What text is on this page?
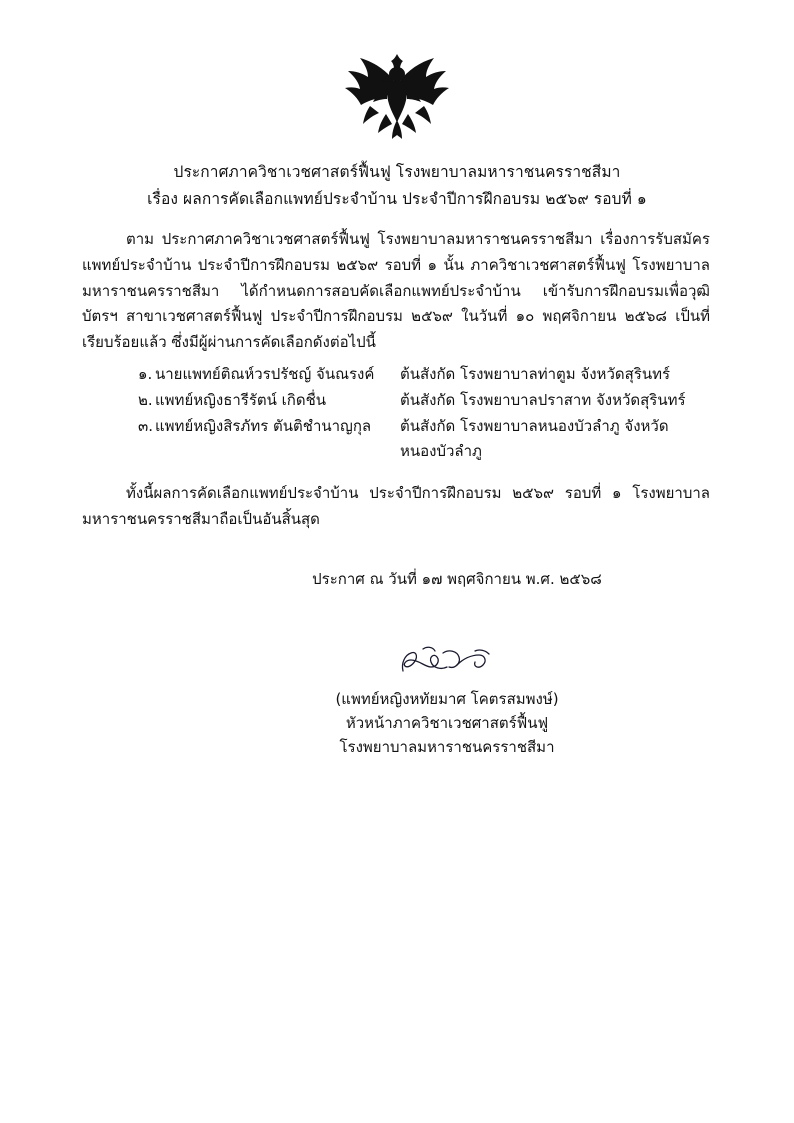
ประกาศภาควิชาเวชศาสตร์ฟื้นฟู โรงพยาบาลมหาราชนครราชสีมา
เรื่อง ผลการคัดเลือกแพทย์ประจำบ้าน ประจำปีการฝึกอบรม ๒๕๖๙ รอบที่ ๑
ตาม ประกาศภาควิชาเวชศาสตร์ฟื้นฟู โรงพยาบาลมหาราชนครราชสีมา เรื่องการรับสมัครแพทย์ประจำบ้าน ประจำปีการฝึกอบรม ๒๕๖๙ รอบที่ ๑ นั้น ภาควิชาเวชศาสตร์ฟื้นฟู โรงพยาบาลมหาราชนครราชสีมา ได้กำหนดการสอบคัดเลือกแพทย์ประจำบ้าน เข้ารับการฝึกอบรมเพื่อวุฒิบัตรฯ สาขาเวชศาสตร์ฟื้นฟู ประจำปีการฝึกอบรม ๒๕๖๙ ในวันที่ ๑๐ พฤศจิกายน ๒๕๖๘ เป็นที่เรียบร้อยแล้ว ซึ่งมีผู้ผ่านการคัดเลือกดังต่อไปนี้
๑. นายแพทย์ติณห์วรปรัชญ์ จันณรงค์	ต้นสังกัด โรงพยาบาลท่าตูม จังหวัดสุรินทร์
๒. แพทย์หญิงธารีรัตน์ เกิดชื่น	ต้นสังกัด โรงพยาบาลปราสาท จังหวัดสุรินทร์
๓. แพทย์หญิงสิรภัทร ตันติชำนาญกุล	ต้นสังกัด โรงพยาบาลหนองบัวลำภู จังหวัดหนองบัวลำภู
ทั้งนี้ผลการคัดเลือกแพทย์ประจำบ้าน ประจำปีการฝึกอบรม ๒๕๖๙ รอบที่ ๑ โรงพยาบาลมหาราชนครราชสีมาถือเป็นอันสิ้นสุด
ประกาศ ณ วันที่ ๑๗ พฤศจิกายน พ.ศ. ๒๕๖๘
(แพทย์หญิงหทัยมาศ โคตรสมพงษ์)
หัวหน้าภาควิชาเวชศาสตร์ฟื้นฟู
โรงพยาบาลมหาราชนครราชสีมา
